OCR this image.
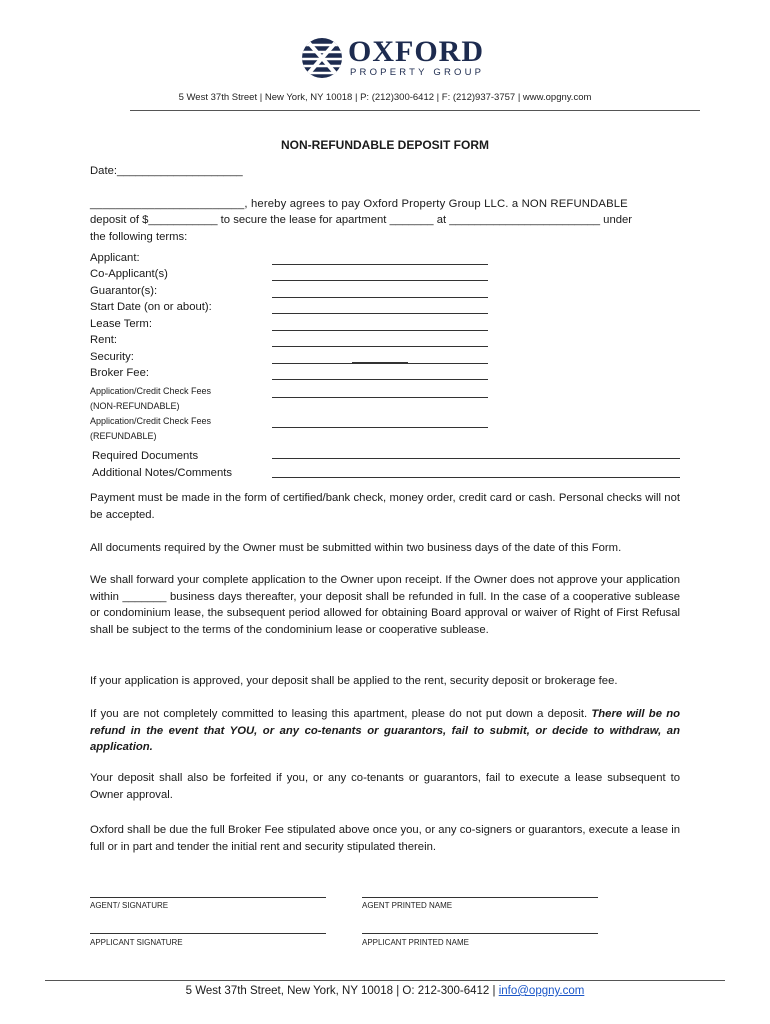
OXFORD
PROPERTY GROUP
5 West 37th Street | New York, NY 10018 | P: (212)300-6412 | F: (212)937-3757 | www.opgny.com
NON-REFUNDABLE DEPOSIT FORM
Date:____________________
________________________, hereby agrees to pay Oxford Property Group LLC. a NON REFUNDABLE
deposit of $___________ to secure the lease for apartment _______ at ________________________ under
the following terms:
Applicant:
Co-Applicant(s)
Guarantor(s):
Start Date (on or about):
Lease Term:
Rent:
Security:
Broker Fee:
Application/Credit Check Fees
(NON-REFUNDABLE)
Application/Credit Check Fees
(REFUNDABLE)
Required Documents
Additional Notes/Comments
Payment must be made in the form of certified/bank check, money order, credit card or cash. Personal checks will not be accepted.
All documents required by the Owner must be submitted within two business days of the date of this Form.
We shall forward your complete application to the Owner upon receipt. If the Owner does not approve your application within _______ business days thereafter, your deposit shall be refunded in full. In the case of a cooperative sublease or condominium lease, the subsequent period allowed for obtaining Board approval or waiver of Right of First Refusal shall be subject to the terms of the condominium lease or cooperative sublease.
If your application is approved, your deposit shall be applied to the rent, security deposit or brokerage fee.
If you are not completely committed to leasing this apartment, please do not put down a deposit. There will be no refund in the event that YOU, or any co-tenants or guarantors, fail to submit, or decide to withdraw, an application.
Your deposit shall also be forfeited if you, or any co-tenants or guarantors, fail to execute a lease subsequent to Owner approval.
Oxford shall be due the full Broker Fee stipulated above once you, or any co-signers or guarantors, execute a lease in full or in part and tender the initial rent and security stipulated therein.
AGENT/ SIGNATURE	AGENT PRINTED NAME
APPLICANT SIGNATURE	APPLICANT PRINTED NAME
5 West 37th Street, New York, NY 10018 | O: 212-300-6412 | info@opgny.com
